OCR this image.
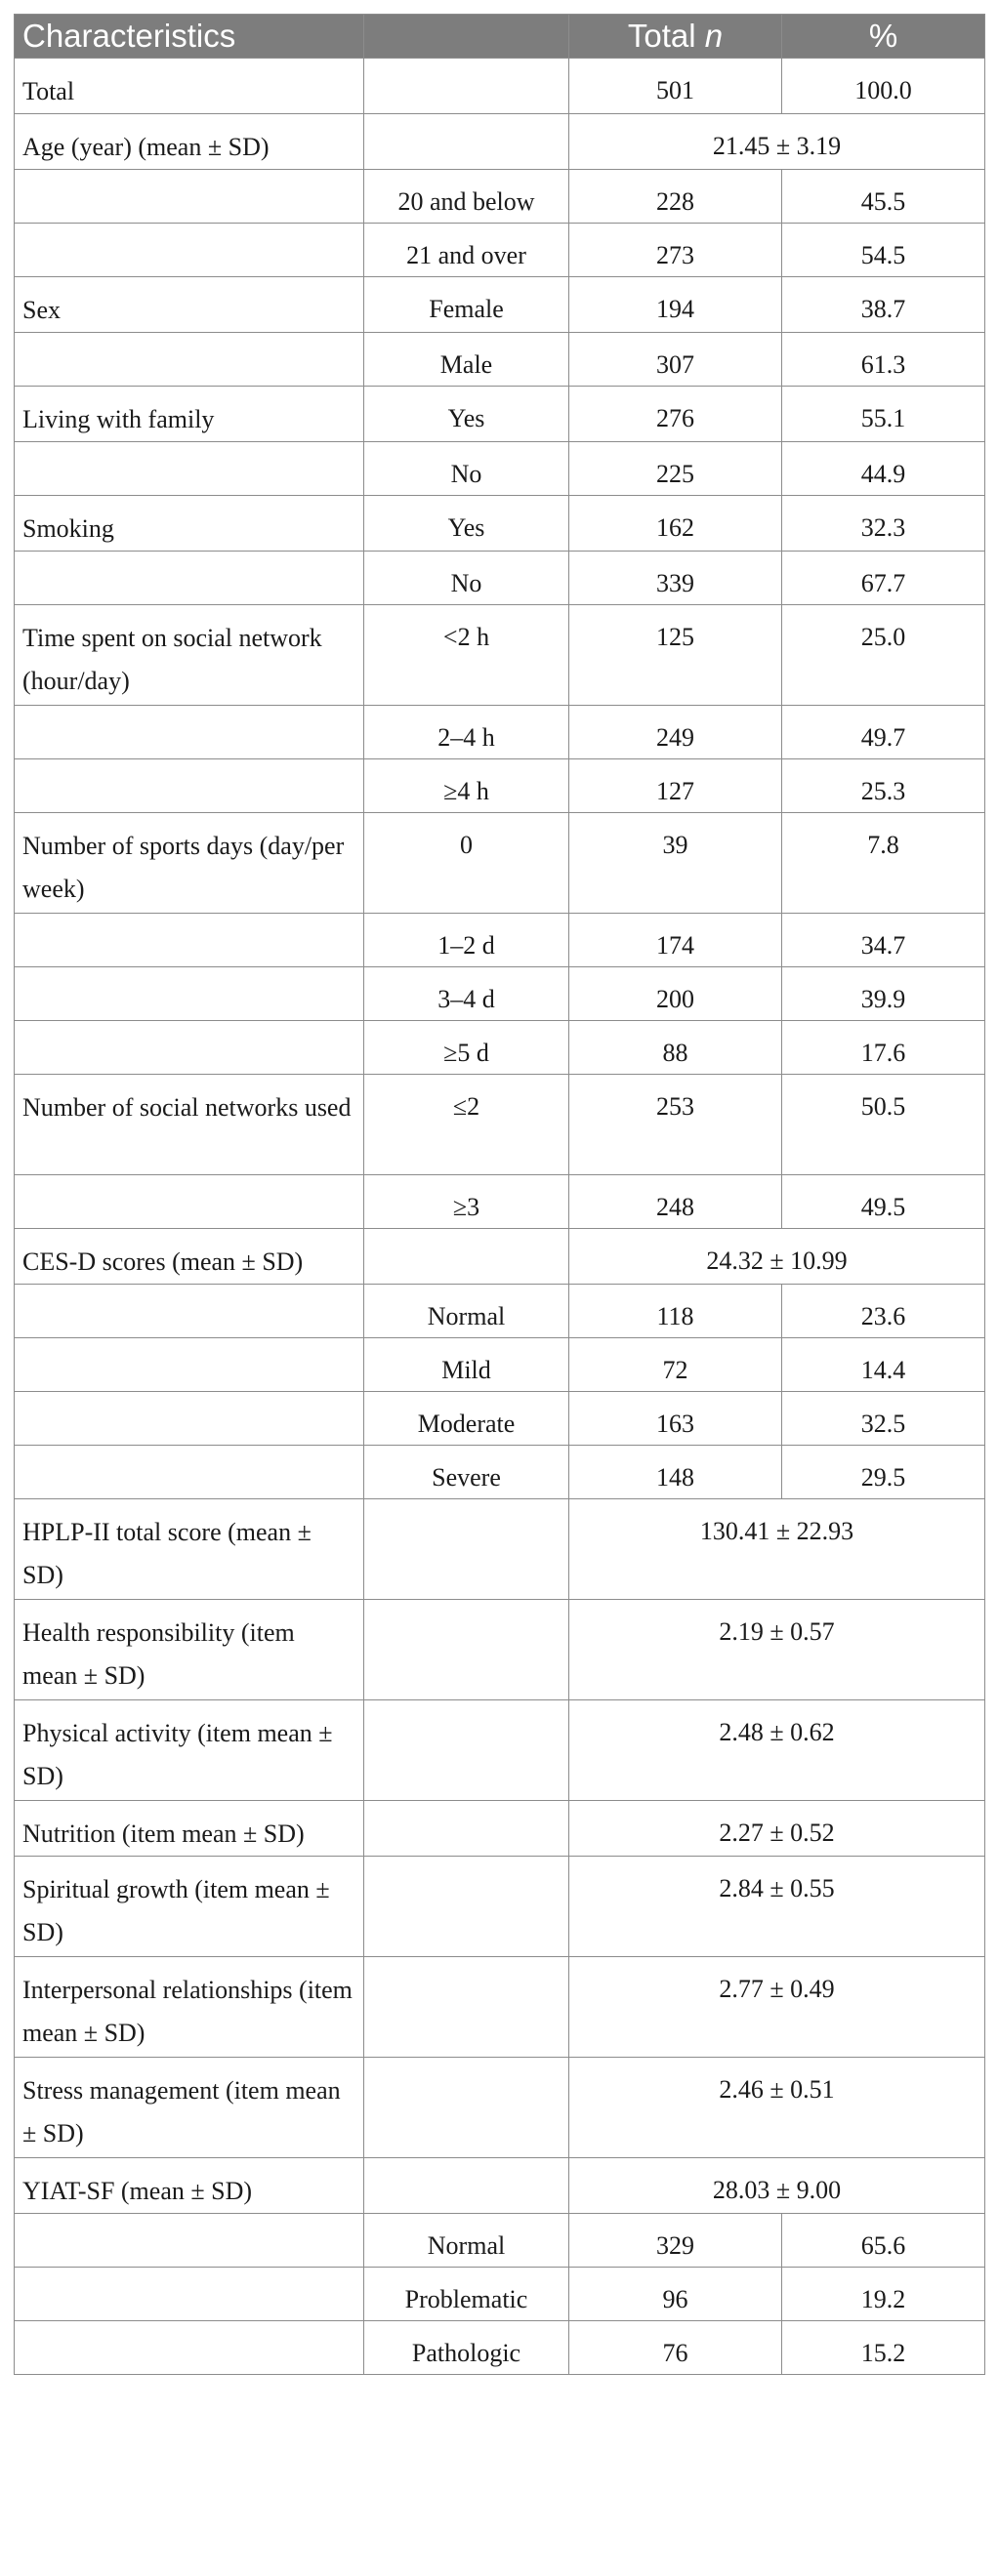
Characteristics		Total n	%
Total		501	100.0
Age (year) (mean ± SD)		21.45 ± 3.19	
	20 and below	228	45.5
	21 and over	273	54.5
Sex	Female	194	38.7
	Male	307	61.3
Living with family	Yes	276	55.1
	No	225	44.9
Smoking	Yes	162	32.3
	No	339	67.7
Time spent on social network (hour/day)	<2 h	125	25.0
	2–4 h	249	49.7
	≥4 h	127	25.3
Number of sports days (day/per week)	0	39	7.8
	1–2 d	174	34.7
	3–4 d	200	39.9
	≥5 d	88	17.6
Number of social networks used	≤2	253	50.5
	≥3	248	49.5
CES-D scores (mean ± SD)		24.32 ± 10.99	
	Normal	118	23.6
	Mild	72	14.4
	Moderate	163	32.5
	Severe	148	29.5
HPLP-II total score (mean ± SD)		130.41 ± 22.93	
Health responsibility (item mean ± SD)		2.19 ± 0.57	
Physical activity (item mean ± SD)		2.48 ± 0.62	
Nutrition (item mean ± SD)		2.27 ± 0.52	
Spiritual growth (item mean ± SD)		2.84 ± 0.55	
Interpersonal relationships (item mean ± SD)		2.77 ± 0.49	
Stress management (item mean ± SD)		2.46 ± 0.51	
YIAT-SF (mean ± SD)		28.03 ± 9.00	
	Normal	329	65.6
	Problematic	96	19.2
	Pathologic	76	15.2
